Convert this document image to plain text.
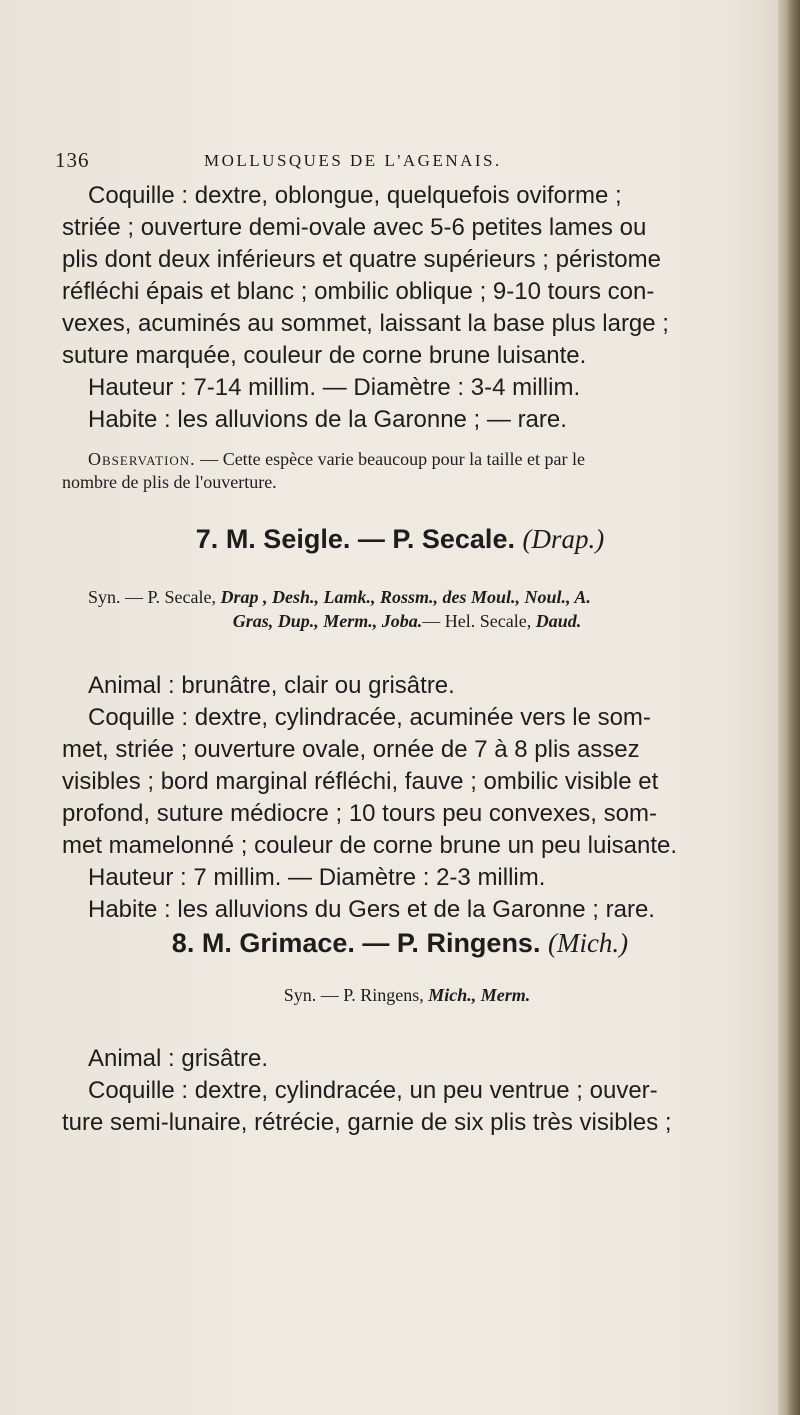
136	MOLLUSQUES DE L'AGENAIS.

Coquille : dextre, oblongue, quelquefois oviforme ;

striée ; ouverture demi-ovale avec 5-6 petites lames ou

plis dont deux inférieurs et quatre supérieurs ; péristome

réfléchi épais et blanc ; ombilic oblique ; 9-10 tours con-

vexes, acuminés au sommet, laissant la base plus large ;

suture marquée, couleur de corne brune luisante.

Hauteur : 7-14 millim. — Diamètre : 3-4 millim.

Habite : les alluvions de la Garonne ; — rare.

Observation. — Cette espèce varie beaucoup pour la taille et par le

nombre de plis de l'ouverture.

7. M. Seigle. — P. Secale. (Drap.)

Syn. — P. Secale, Drap , Desh., Lamk., Rossm., des Moul., Noul., A.

Gras, Dup., Merm., Joba.— Hel. Secale, Daud.

Animal : brunâtre, clair ou grisâtre.

Coquille : dextre, cylindracée, acuminée vers le som-

met, striée ; ouverture ovale, ornée de 7 à 8 plis assez

visibles ; bord marginal réfléchi, fauve ; ombilic visible et

profond, suture médiocre ; 10 tours peu convexes, som-

met mamelonné ; couleur de corne brune un peu luisante.

Hauteur : 7 millim. — Diamètre : 2-3 millim.

Habite : les alluvions du Gers et de la Garonne ; rare.

8. M. Grimace. — P. Ringens. (Mich.)

Syn. — P. Ringens, Mich., Merm.

Animal : grisâtre.

Coquille : dextre, cylindracée, un peu ventrue ; ouver-

ture semi-lunaire, rétrécie, garnie de six plis très visibles ;
